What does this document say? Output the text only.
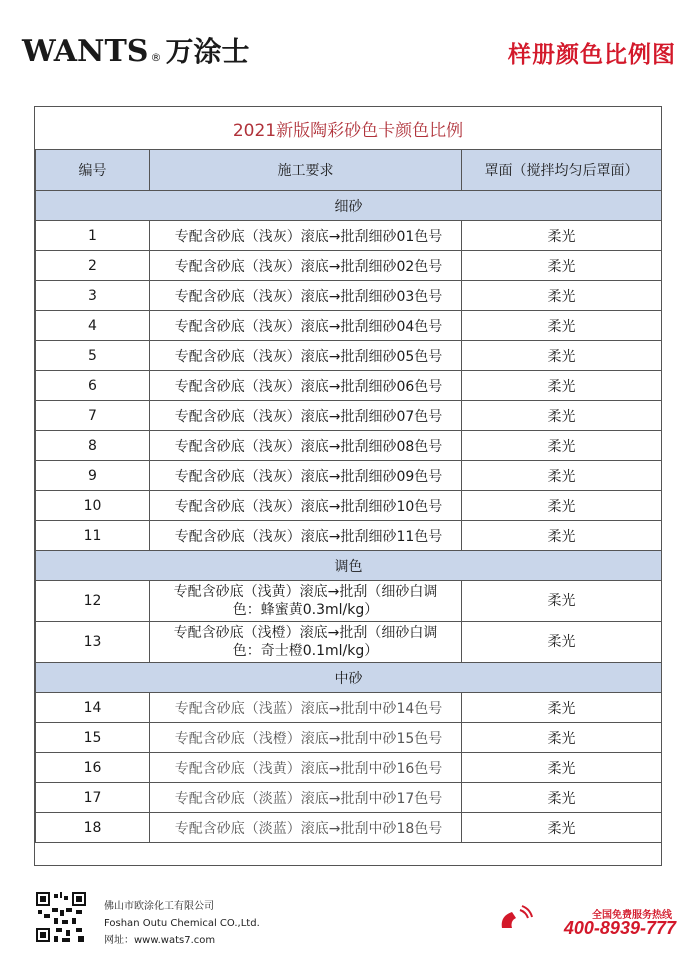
WANTS ® 万涂士	样册颜色比例图
2021新版陶彩砂色卡颜色比例
编号	施工要求	罩面（搅拌均匀后罩面）
细砂		
1	专配含砂底（浅灰）滚底→批刮细砂01色号	柔光
2	专配含砂底（浅灰）滚底→批刮细砂02色号	柔光
3	专配含砂底（浅灰）滚底→批刮细砂03色号	柔光
4	专配含砂底（浅灰）滚底→批刮细砂04色号	柔光
5	专配含砂底（浅灰）滚底→批刮细砂05色号	柔光
6	专配含砂底（浅灰）滚底→批刮细砂06色号	柔光
7	专配含砂底（浅灰）滚底→批刮细砂07色号	柔光
8	专配含砂底（浅灰）滚底→批刮细砂08色号	柔光
9	专配含砂底（浅灰）滚底→批刮细砂09色号	柔光
10	专配含砂底（浅灰）滚底→批刮细砂10色号	柔光
11	专配含砂底（浅灰）滚底→批刮细砂11色号	柔光
调色		
12	专配含砂底（浅黄）滚底→批刮（细砂白调
色：蜂蜜黄0.3ml/kg）	柔光
13	专配含砂底（浅橙）滚底→批刮（细砂白调
色：奇士橙0.1ml/kg）	柔光
中砂		
14	专配含砂底（浅蓝）滚底→批刮中砂14色号	柔光
15	专配含砂底（浅橙）滚底→批刮中砂15色号	柔光
16	专配含砂底（浅黄）滚底→批刮中砂16色号	柔光
17	专配含砂底（淡蓝）滚底→批刮中砂17色号	柔光
18	专配含砂底（淡蓝）滚底→批刮中砂18色号	柔光
佛山市欧涂化工有限公司
Foshan Outu Chemical CO.,Ltd.
网址：www.wats7.com
全国免费服务热线
400-8939-777
